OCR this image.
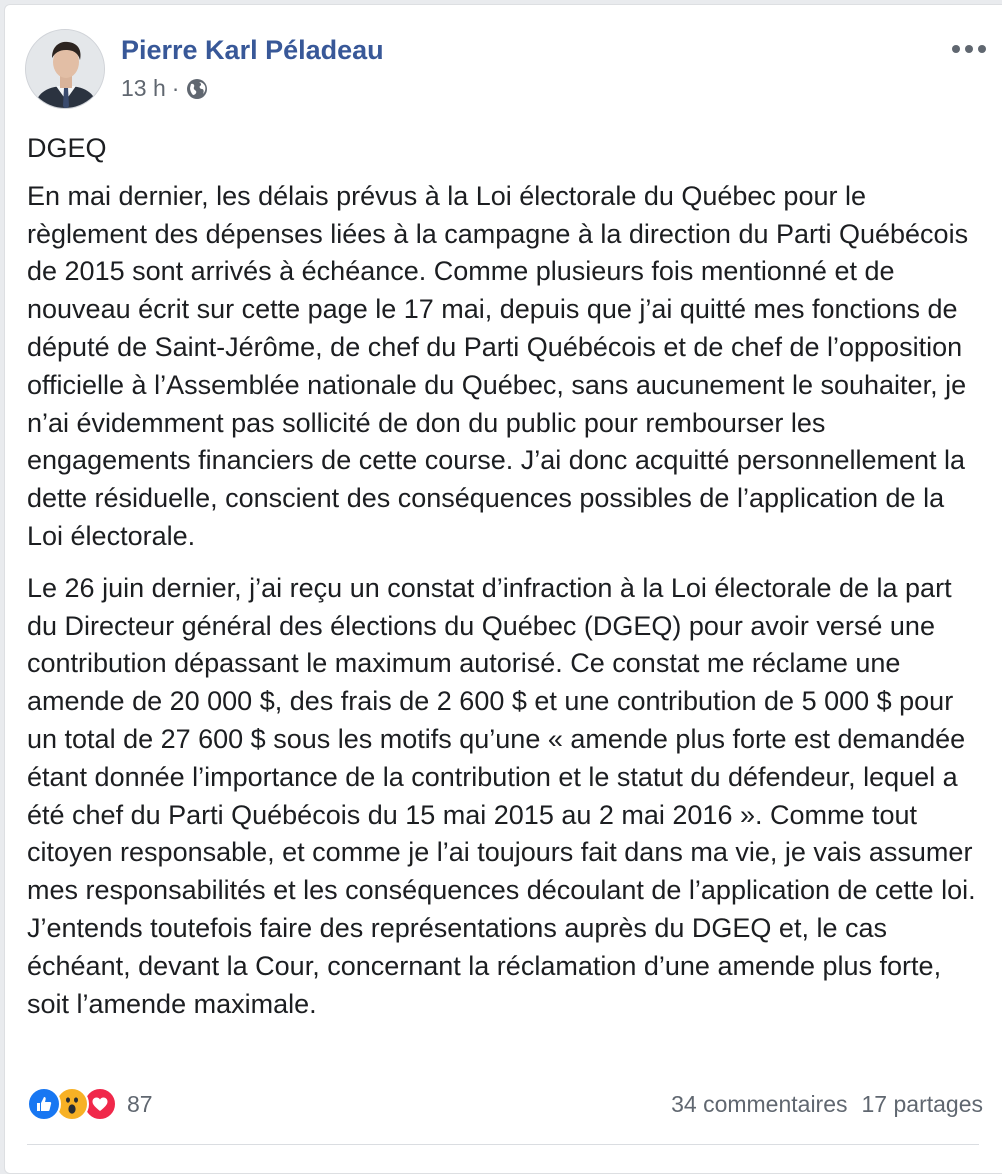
Pierre Karl Péladeau
13 h ·

DGEQ

En mai dernier, les délais prévus à la Loi électorale du Québec pour le règlement des dépenses liées à la campagne à la direction du Parti Québécois de 2015 sont arrivés à échéance. Comme plusieurs fois mentionné et de nouveau écrit sur cette page le 17 mai, depuis que j’ai quitté mes fonctions de député de Saint-Jérôme, de chef du Parti Québécois et de chef de l’opposition officielle à l’Assemblée nationale du Québec, sans aucunement le souhaiter, je n’ai évidemment pas sollicité de don du public pour rembourser les engagements financiers de cette course. J’ai donc acquitté personnellement la dette résiduelle, conscient des conséquences possibles de l’application de la Loi électorale.

Le 26 juin dernier, j’ai reçu un constat d’infraction à la Loi électorale de la part du Directeur général des élections du Québec (DGEQ) pour avoir versé une contribution dépassant le maximum autorisé. Ce constat me réclame une amende de 20 000 $, des frais de 2 600 $ et une contribution de 5 000 $ pour un total de 27 600 $ sous les motifs qu’une « amende plus forte est demandée étant donnée l’importance de la contribution et le statut du défendeur, lequel a été chef du Parti Québécois du 15 mai 2015 au 2 mai 2016 ». Comme tout citoyen responsable, et comme je l’ai toujours fait dans ma vie, je vais assumer mes responsabilités et les conséquences découlant de l’application de cette loi. J’entends toutefois faire des représentations auprès du DGEQ et, le cas échéant, devant la Cour, concernant la réclamation d’une amende plus forte, soit l’amende maximale.

87	34 commentaires 17 partages
